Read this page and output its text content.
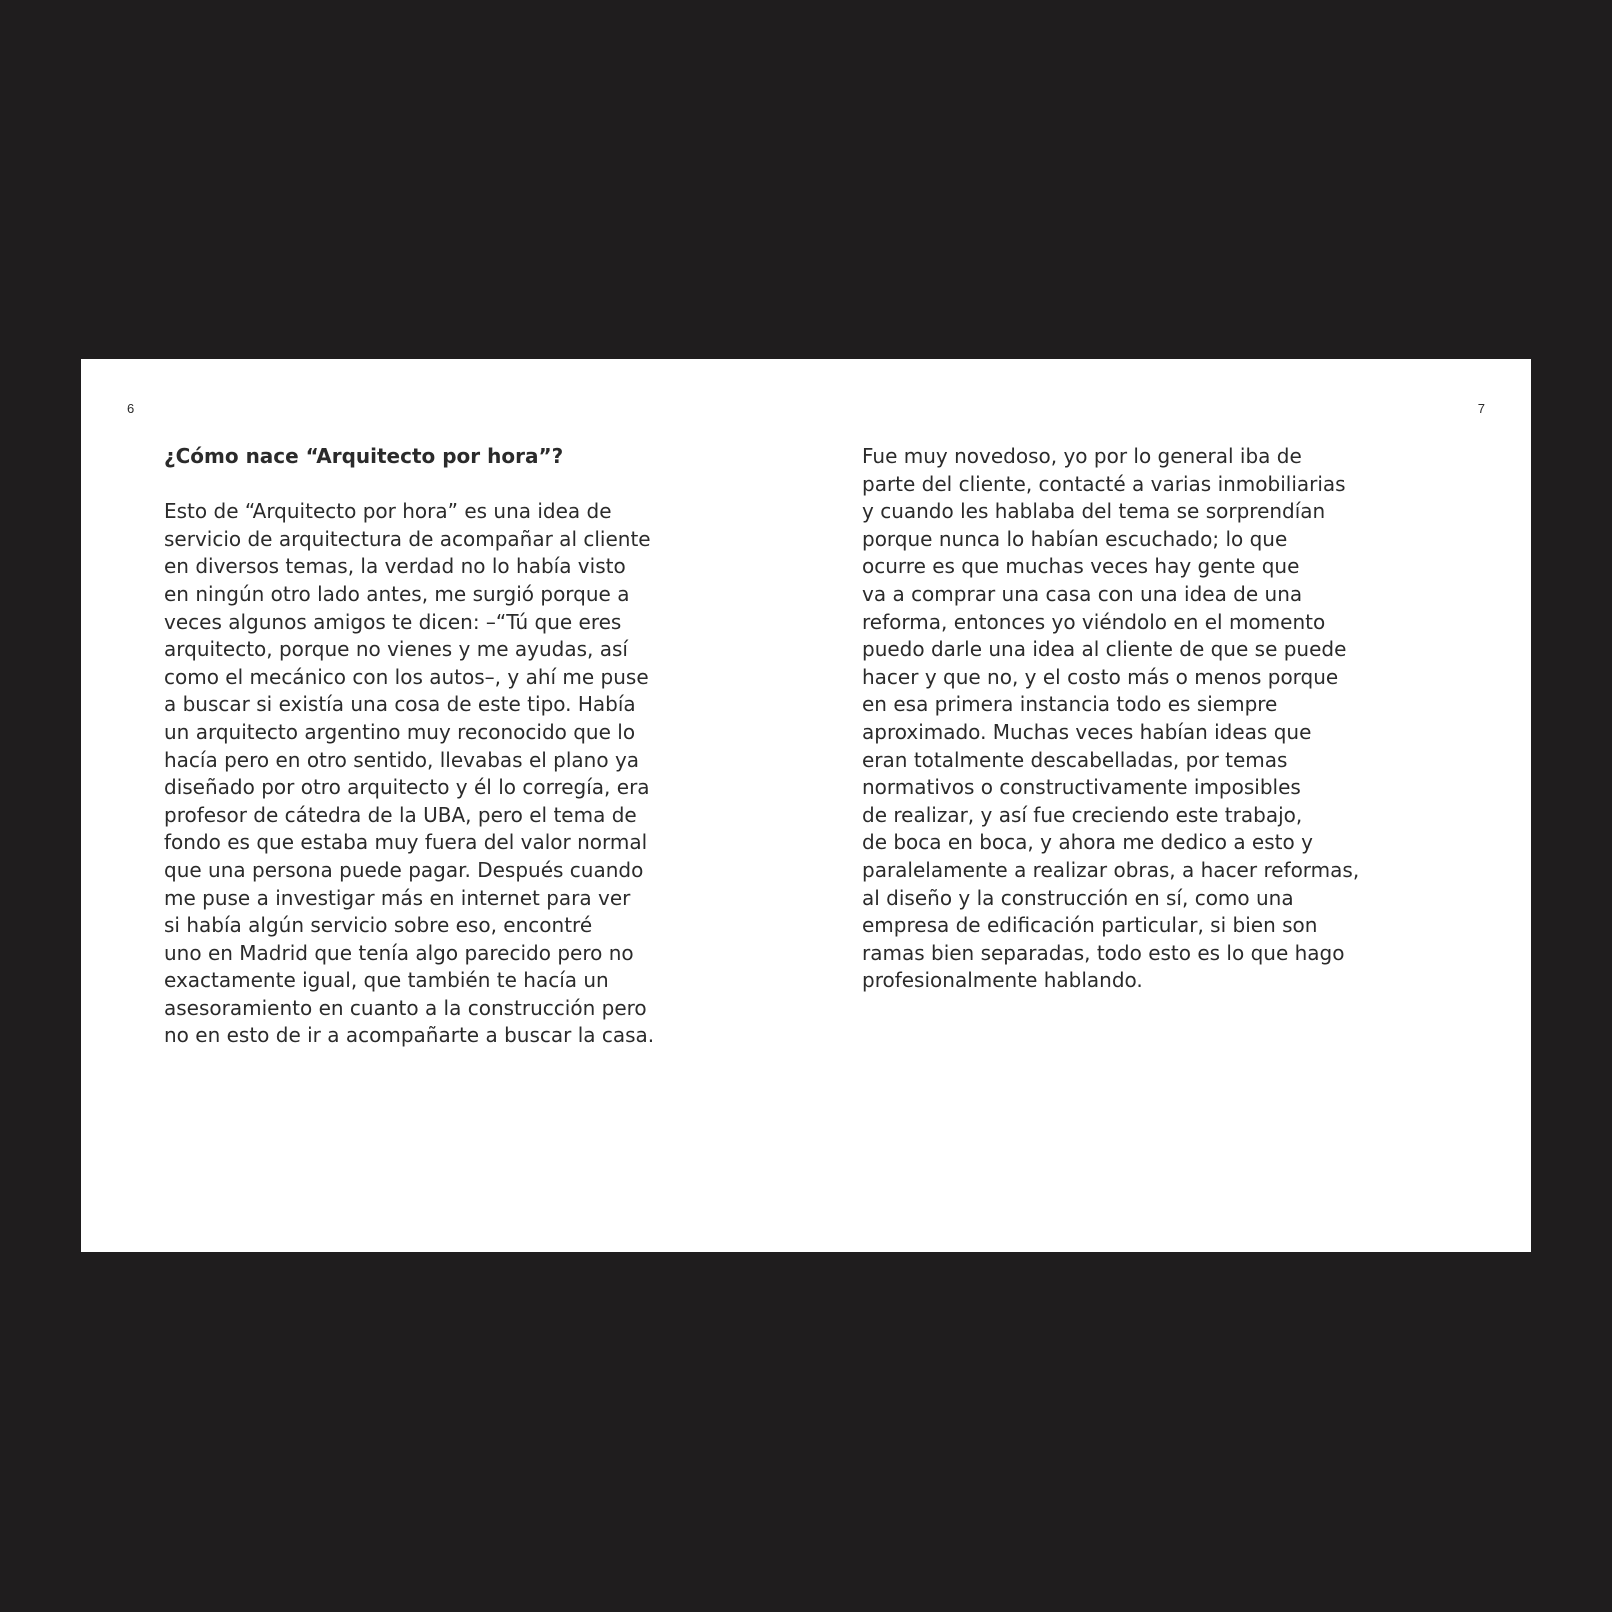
6	7
¿Cómo nace “Arquitecto por hora”?
Esto de “Arquitecto por hora” es una idea de
servicio de arquitectura de acompañar al cliente
en diversos temas, la verdad no lo había visto
en ningún otro lado antes, me surgió porque a
veces algunos amigos te dicen: –“Tú que eres
arquitecto, porque no vienes y me ayudas, así
como el mecánico con los autos–, y ahí me puse
a buscar si existía una cosa de este tipo. Había
un arquitecto argentino muy reconocido que lo
hacía pero en otro sentido, llevabas el plano ya
diseñado por otro arquitecto y él lo corregía, era
profesor de cátedra de la UBA, pero el tema de
fondo es que estaba muy fuera del valor normal
que una persona puede pagar. Después cuando
me puse a investigar más en internet para ver
si había algún servicio sobre eso, encontré
uno en Madrid que tenía algo parecido pero no
exactamente igual, que también te hacía un
asesoramiento en cuanto a la construcción pero
no en esto de ir a acompañarte a buscar la casa.
Fue muy novedoso, yo por lo general iba de
parte del cliente, contacté a varias inmobiliarias
y cuando les hablaba del tema se sorprendían
porque nunca lo habían escuchado; lo que
ocurre es que muchas veces hay gente que
va a comprar una casa con una idea de una
reforma, entonces yo viéndolo en el momento
puedo darle una idea al cliente de que se puede
hacer y que no, y el costo más o menos porque
en esa primera instancia todo es siempre
aproximado. Muchas veces habían ideas que
eran totalmente descabelladas, por temas
normativos o constructivamente imposibles
de realizar, y así fue creciendo este trabajo,
de boca en boca, y ahora me dedico a esto y
paralelamente a realizar obras, a hacer reformas,
al diseño y la construcción en sí, como una
empresa de edificación particular, si bien son
ramas bien separadas, todo esto es lo que hago
profesionalmente hablando.
